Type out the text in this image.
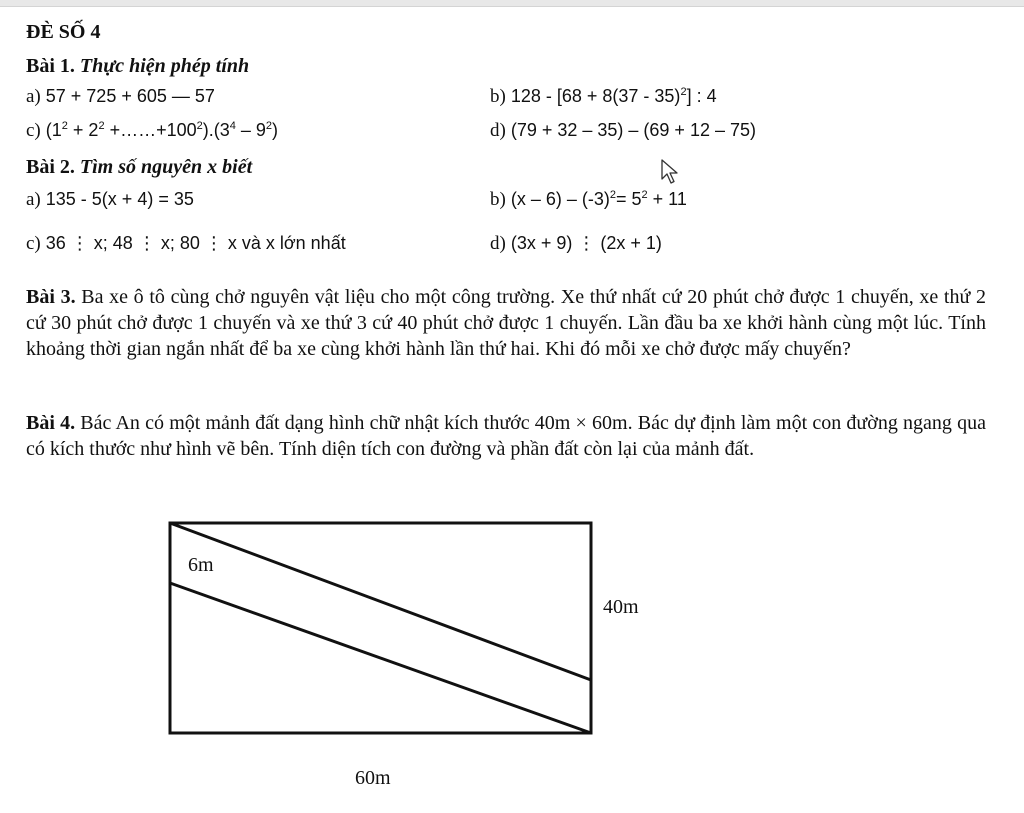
ĐÈ SỐ 4
Bài 1. Thực hiện phép tính
a) 57 + 725 + 605 — 57	b) 128 - [68 + 8(37 - 35)$^2$] : 4
c) ($1^2 + 2^2$ $+\dots\dots+100^2).(3^4 - 9^2)$	d) (79 + 32 – 35) – (69 + 12 – 75)
Bài 2. Tìm số nguyên x biết
a) 135 - 5(x + 4) = 35	b) $(x - 6) - (-3)^2= 5^2 + 11$
c) 36 ⋮ x; 48 ⋮ x; 80 ⋮ x và x lớn nhất	d) (3x + 9) ⋮ (2x + 1)
Bài 3. Ba xe ô tô cùng chở nguyên vật liệu cho một công trường. Xe thứ nhất cứ 20 phút chở được 1 chuyến, xe thứ 2 cứ 30 phút chở được 1 chuyến và xe thứ 3 cứ 40 phút chở được 1 chuyến. Lần đầu ba xe khởi hành cùng một lúc. Tính khoảng thời gian ngắn nhất để ba xe cùng khởi hành lần thứ hai. Khi đó mỗi xe chở được mấy chuyến?
Bài 4. Bác An có một mảnh đất dạng hình chữ nhật kích thước 40m × 60m. Bác dự định làm một con đường ngang qua có kích thước như hình vẽ bên. Tính diện tích con đường và phần đất còn lại của mảnh đất.
6m
40m
60m
